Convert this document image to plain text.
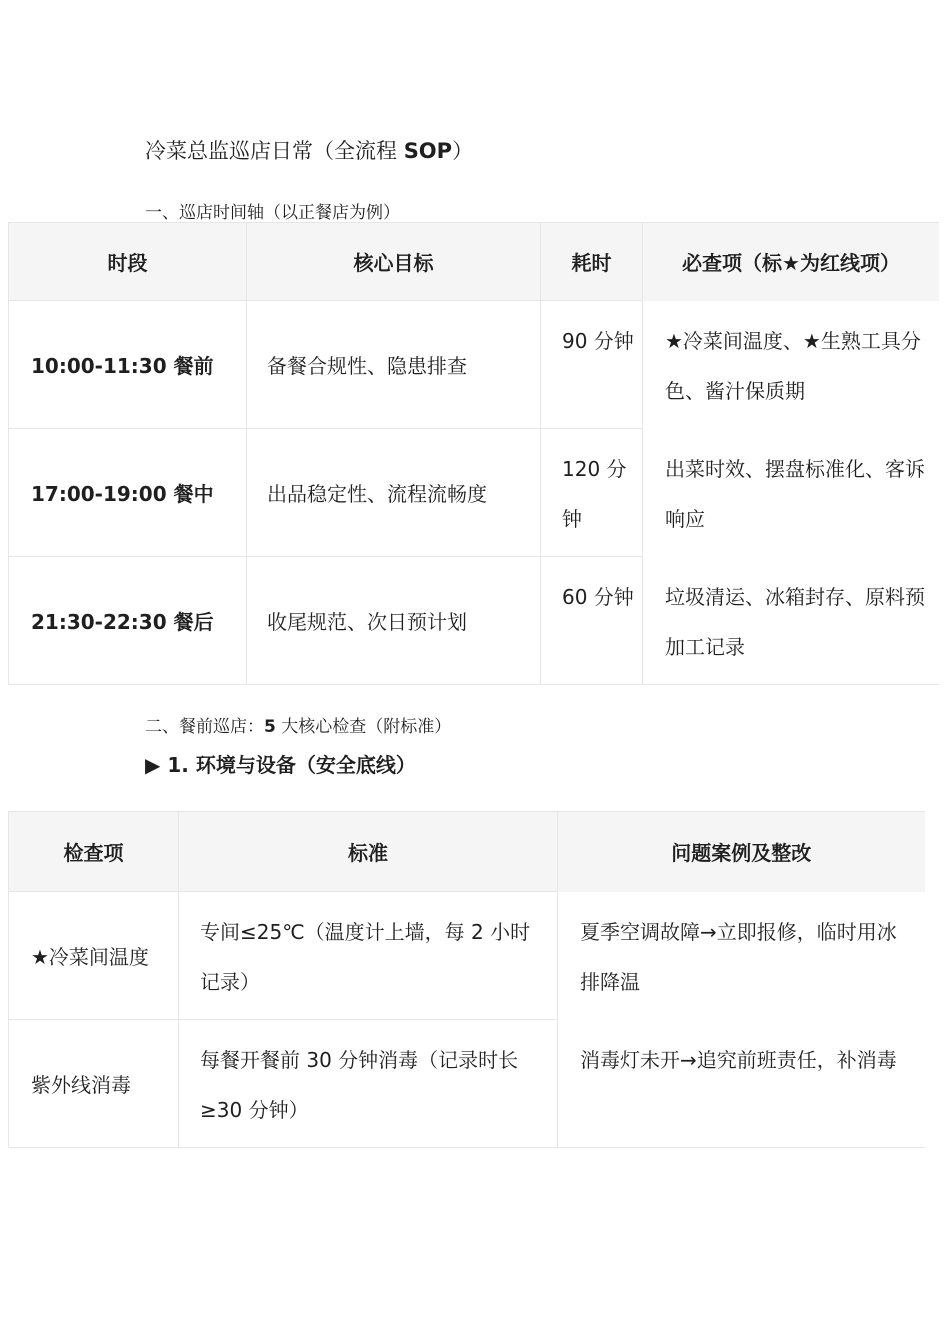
冷菜总监巡店日常（全流程 SOP）
一、巡店时间轴（以正餐店为例）
时段	核心目标	耗时	必查项（标★为红线项）
10:00-11:30 餐前	备餐合规性、隐患排查	90 分钟	★冷菜间温度、★生熟工具分色、酱汁保质期
17:00-19:00 餐中	出品稳定性、流程流畅度	120 分钟	出菜时效、摆盘标准化、客诉响应
21:30-22:30 餐后	收尾规范、次日预计划	60 分钟	垃圾清运、冰箱封存、原料预加工记录
二、餐前巡店：5 大核心检查（附标准）
▶ 1. 环境与设备（安全底线）
检查项	标准	问题案例及整改
★冷菜间温度	专间≤25℃（温度计上墙，每 2 小时记录）	夏季空调故障→立即报修，临时用冰排降温
紫外线消毒	每餐开餐前 30 分钟消毒（记录时长≥30 分钟）	消毒灯未开→追究前班责任，补消毒
